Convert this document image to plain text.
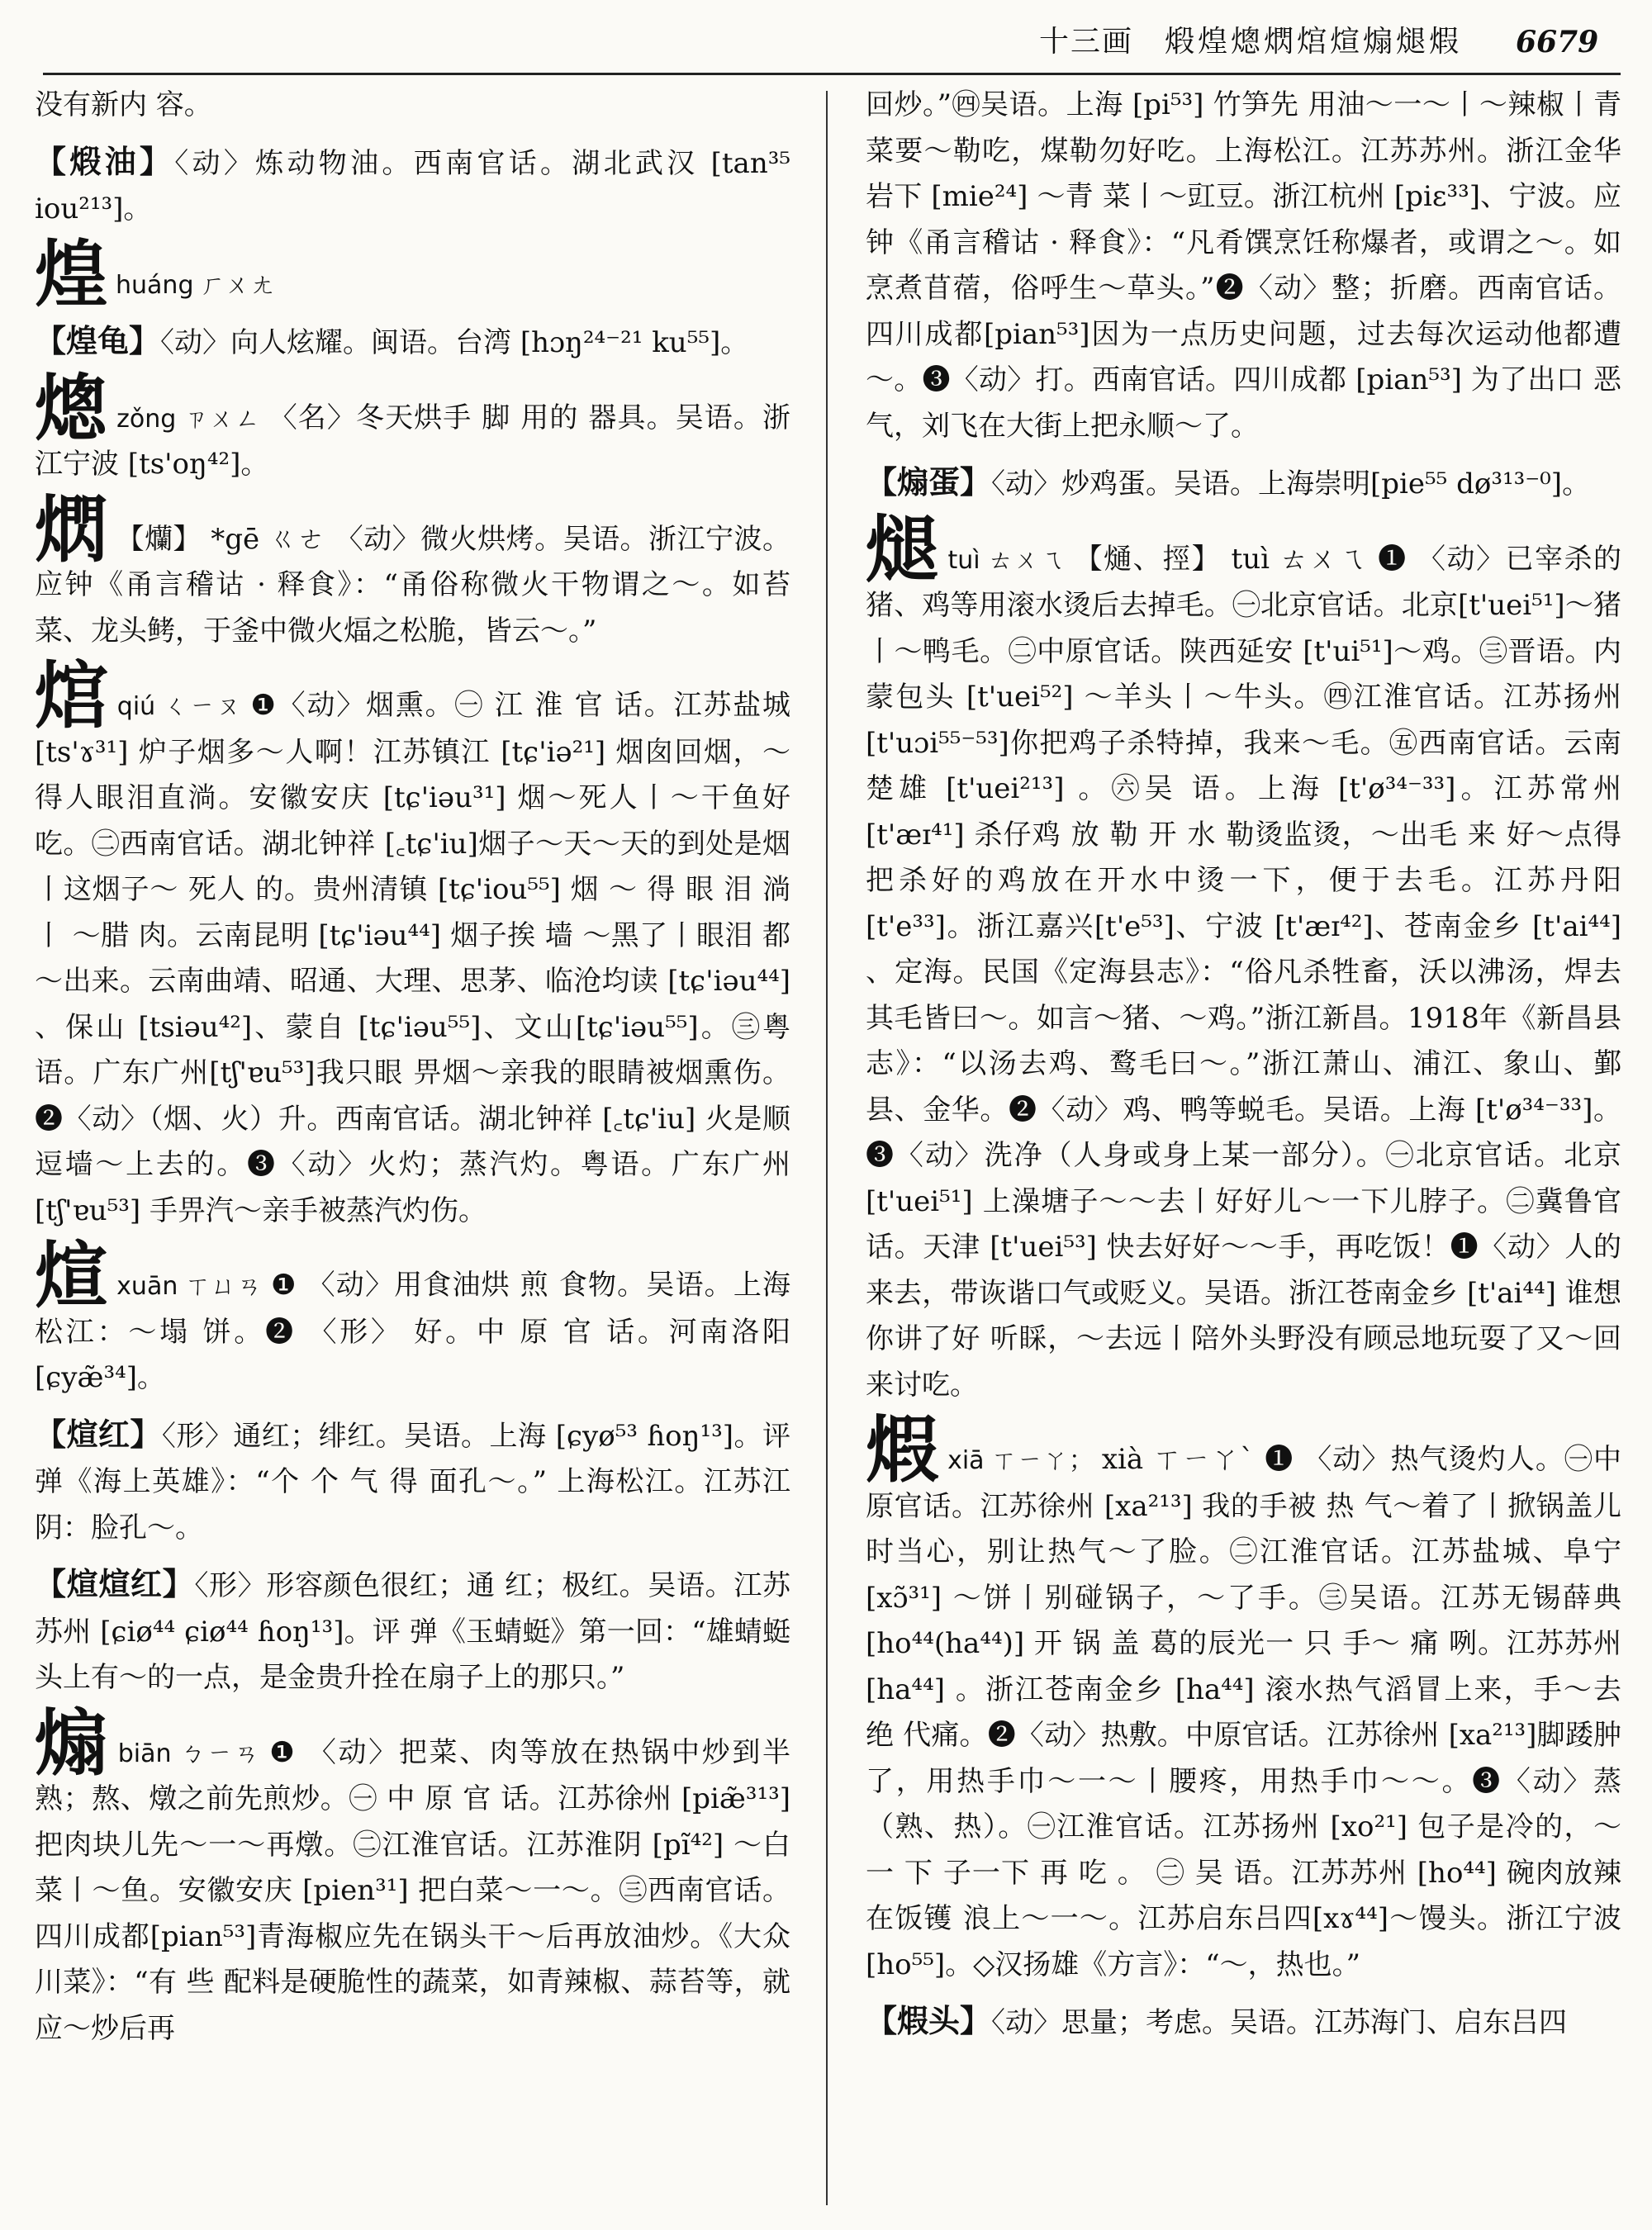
十三画 煅煌熜熌熍煊煽煺煆 6679

没有新内 容。

【煅油】〈动〉炼动物油。西南官话。湖北武汉 [tan³⁵ iou²¹³]。

煌huáng ㄏㄨㄤ

【煌龟】〈动〉向人炫耀。闽语。台湾 [hɔŋ²⁴⁻²¹ ku⁵⁵]。

熜zǒng ㄗㄨㄥ 〈名〉冬天烘手 脚 用的 器具。吴语。浙江宁波 [ts'oŋ⁴²]。

熌 【爤】 *gē ㄍㄜ 〈动〉微火烘烤。吴语。浙江宁波。应钟《甬言稽诂 · 释食》：“甬俗称微火干物谓之～。如苔菜、龙头鲓，于釜中微火煏之松脆，皆云～。”

熍qiú ㄑㄧㄡ ❶〈动〉烟熏。㊀ 江 淮 官 话。江苏盐城 [ts'ɤ³¹] 炉子烟多～人啊！江苏镇江 [tɕ'iə²¹] 烟囱回烟，～得人眼泪直淌。安徽安庆 [tɕ'iəu³¹] 烟～死人丨～干鱼好吃。㊁西南官话。湖北钟祥 [꜀tɕ'iu]烟子～天～天的到处是烟丨这烟子～ 死人 的。贵州清镇 [tɕ'iou⁵⁵] 烟 ～ 得 眼 泪 淌丨 ～腊 肉。云南昆明 [tɕ'iəu⁴⁴] 烟子挨 墙 ～黑了丨眼泪 都～出来。云南曲靖、昭通、大理、思茅、临沧均读 [tɕ'iəu⁴⁴] 、保山 [tsiəu⁴²]、蒙自 [tɕ'iəu⁵⁵]、文山[tɕ'iəu⁵⁵]。㊂粤语。广东广州[tʃ'ɐu⁵³]我只眼 畀烟～亲我的眼睛被烟熏伤。❷〈动〉（烟、火）升。西南官话。湖北钟祥 [꜀tɕ'iu] 火是顺逗墙～上去的。❸〈动〉火灼；蒸汽灼。粤语。广东广州 [tʃ'ɐu⁵³] 手畀汽～亲手被蒸汽灼伤。

煊xuān ㄒㄩㄢ ❶ 〈动〉用食油烘 煎 食物。吴语。上海松江：～塌 饼。❷ 〈形〉 好。中 原 官 话。河南洛阳 [ɕyæ̃³⁴]。

【煊红】〈形〉通红；绯红。吴语。上海 [ɕyø⁵³ ɦoŋ¹³]。评弹《海上英雄》：“个 个 气 得 面孔～。” 上海松江。江苏江阴：脸孔～。

【煊煊红】〈形〉形容颜色很红；通 红；极红。吴语。江苏苏州 [ɕiø⁴⁴ ɕiø⁴⁴ ɦoŋ¹³]。评 弹《玉蜻蜓》第一回：“雄蜻蜓头上有～的一点，是金贵升拴在扇子上的那只。”

煽biān ㄅㄧㄢ ❶ 〈动〉把菜、肉等放在热锅中炒到半熟；熬、燉之前先煎炒。㊀ 中 原 官 话。江苏徐州 [piæ̃³¹³] 把肉块儿先～一～再燉。㊁江淮官话。江苏淮阴 [pĩ⁴²] ～白菜丨～鱼。安徽安庆 [pien³¹] 把白菜～一～。㊂西南官话。四川成都[pian⁵³]青海椒应先在锅头干～后再放油炒。《大众川菜》：“有 些 配料是硬脆性的蔬菜，如青辣椒、蒜苔等，就应～炒后再

回炒。”㊃吴语。上海 [pi⁵³] 竹笋先 用油～一～丨～辣椒丨青菜要～勒吃，煤勒勿好吃。上海松江。江苏苏州。浙江金华岩下 [mie²⁴] ～青 菜丨～豇豆。浙江杭州 [piɛ³³]、宁波。应钟《甬言稽诂 · 释食》：“凡肴馔烹饪称爆者，或谓之～。如烹煮苜蓿，俗呼生～草头。”❷〈动〉整；折磨。西南官话。四川成都[pian⁵³]因为一点历史问题，过去每次运动他都遭～。❸〈动〉打。西南官话。四川成都 [pian⁵³] 为了出口 恶气，刘飞在大街上把永顺～了。

【煽蛋】〈动〉炒鸡蛋。吴语。上海崇明[pie⁵⁵ dø³¹³⁻⁰]。

煺tuì ㄊㄨㄟ 【熥、挳】 tuì ㄊㄨㄟ ❶ 〈动〉已宰杀的猪、鸡等用滚水烫后去掉毛。㊀北京官话。北京[t'uei⁵¹]～猪丨～鸭毛。㊁中原官话。陕西延安 [t'ui⁵¹]～鸡。㊂晋语。内蒙包头 [t'uei⁵²] ～羊头丨～牛头。㊃江淮官话。江苏扬州[t'uɔi⁵⁵⁻⁵³]你把鸡子杀特掉，我来～毛。㊄西南官话。云南楚雄 [t'uei²¹³] 。㊅吴 语。上海 [t'ø³⁴⁻³³]。江苏常州 [t'æɪ⁴¹] 杀仔鸡 放 勒 开 水 勒烫监烫，～出毛 来 好～点得把杀好的鸡放在开水中烫一下，便于去毛。江苏丹阳 [t'e³³]。浙江嘉兴[t'e⁵³]、宁波 [t'æɪ⁴²]、苍南金乡 [t'ai⁴⁴] 、定海。民国《定海县志》：“俗凡杀牲畜，沃以沸汤，焊去其毛皆曰～。如言～猪、～鸡。”浙江新昌。1918年《新昌县志》：“以汤去鸡、鹜毛曰～。”浙江萧山、浦江、象山、鄞县、金华。❷〈动〉鸡、鸭等蜕毛。吴语。上海 [t'ø³⁴⁻³³]。❸〈动〉洗净（人身或身上某一部分）。㊀北京官话。北京 [t'uei⁵¹] 上澡塘子～～去丨好好儿～一下儿脖子。㊁冀鲁官话。天津 [t'uei⁵³] 快去好好～～手，再吃饭！❶〈动〉人的来去，带诙谐口气或贬义。吴语。浙江苍南金乡 [t'ai⁴⁴] 谁想你讲了好 听睬，～去远丨陪外头野没有顾忌地玩耍了又～回来讨吃。

煆xiā ㄒㄧㄚ； xià ㄒㄧㄚˋ ❶ 〈动〉热气烫灼人。㊀中原官话。江苏徐州 [xa²¹³] 我的手被 热 气～着了丨掀锅盖儿时当心，别让热气～了脸。㊁江淮官话。江苏盐城、阜宁 [xɔ̃³¹] ～饼丨别碰锅子，～了手。㊂吴语。江苏无锡薛典 [ho⁴⁴(ha⁴⁴)] 开 锅 盖 葛的辰光一 只 手～ 痛 咧。江苏苏州 [ha⁴⁴] 。浙江苍南金乡 [ha⁴⁴] 滚水热气滔冒上来，手～去 绝 代痛。❷〈动〉热敷。中原官话。江苏徐州 [xa²¹³]脚踒肿了，用热手巾～一～丨腰疼，用热手巾～～。❸〈动〉蒸（熟、热）。㊀江淮官话。江苏扬州 [xo²¹] 包子是冷的，～ 一 下 子一下 再 吃 。 ㊁ 吴 语。江苏苏州 [ho⁴⁴] 碗肉放辣在饭镬 浪上～一～。江苏启东吕四[xɤ⁴⁴]～馒头。浙江宁波[ho⁵⁵]。◇汉扬雄《方言》：“～，热也。”

【煆头】〈动〉思量；考虑。吴语。江苏海门、启东吕四
